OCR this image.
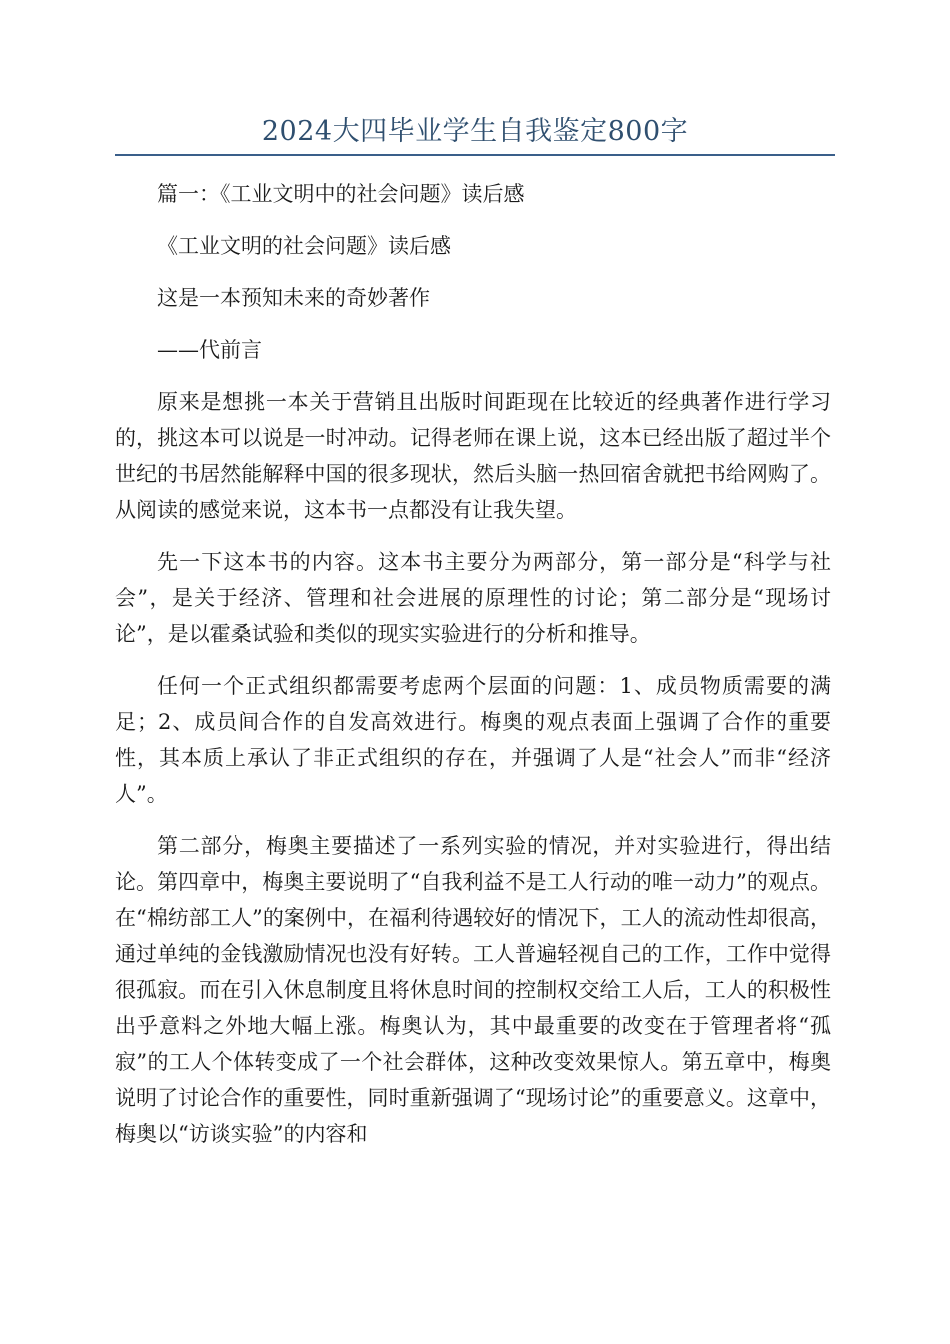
2024大四毕业学生自我鉴定800字
篇一：《工业文明中的社会问题》读后感
《工业文明的社会问题》读后感
这是一本预知未来的奇妙著作
——代前言

原来是想挑一本关于营销且出版时间距现在比较近的经典著作进行学习的，挑这本可以说是一时冲动。记得老师在课上说，这本已经出版了超过半个世纪的书居然能解释中国的很多现状，然后头脑一热回宿舍就把书给网购了。从阅读的感觉来说，这本书一点都没有让我失望。

先一下这本书的内容。这本书主要分为两部分，第一部分是“科学与社会”，是关于经济、管理和社会进展的原理性的讨论；第二部分是“现场讨论”，是以霍桑试验和类似的现实实验进行的分析和推导。

任何一个正式组织都需要考虑两个层面的问题：1、成员物质需要的满足；2、成员间合作的自发高效进行。梅奥的观点表面上强调了合作的重要性，其本质上承认了非正式组织的存在，并强调了人是“社会人”而非“经济人”。

第二部分，梅奥主要描述了一系列实验的情况，并对实验进行，得出结论。第四章中，梅奥主要说明了“自我利益不是工人行动的唯一动力”的观点。在“棉纺部工人”的案例中，在福利待遇较好的情况下，工人的流动性却很高，通过单纯的金钱激励情况也没有好转。工人普遍轻视自己的工作，工作中觉得很孤寂。而在引入休息制度且将休息时间的控制权交给工人后，工人的积极性出乎意料之外地大幅上涨。梅奥认为，其中最重要的改变在于管理者将“孤寂”的工人个体转变成了一个社会群体，这种改变效果惊人。第五章中，梅奥说明了讨论合作的重要性，同时重新强调了“现场讨论”的重要意义。这章中，梅奥以“访谈实验”的内容和
